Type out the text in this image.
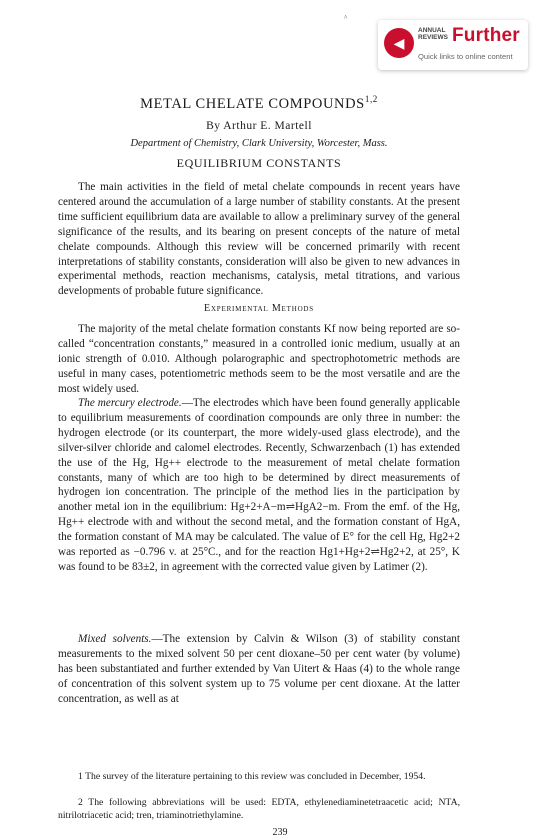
^
◀
ANNUAL
REVIEWS Further
Quick links to online content
METAL CHELATE COMPOUNDS$^{1,2}$
By Arthur E. Martell
Department of Chemistry, Clark University, Worcester, Mass.
EQUILIBRIUM CONSTANTS

The main activities in the field of metal chelate compounds in recent years have centered around the accumulation of a large number of stability constants. At the present time sufficient equilibrium data are available to allow a preliminary survey of the general significance of the results, and its bearing on present concepts of the nature of metal chelate compounds. Although this review will be concerned primarily with recent interpretations of stability constants, consideration will also be given to new advances in experimental methods, reaction mechanisms, catalysis, metal titrations, and various developments of probable future significance.

Experimental Methods

The majority of the metal chelate formation constants Kf now being reported are so-called “concentration constants,” measured in a controlled ionic medium, usually at an ionic strength of 0.010. Although polarographic and spectrophotometric methods are useful in many cases, potentiometric methods seem to be the most versatile and are the most widely used.

The mercury electrode.—The electrodes which have been found generally applicable to equilibrium measurements of coordination compounds are only three in number: the hydrogen electrode (or its counterpart, the more widely-used glass electrode), and the silver-silver chloride and calomel electrodes. Recently, Schwarzenbach (1) has extended the use of the Hg, Hg++ electrode to the measurement of metal chelate formation constants, many of which are too high to be determined by direct measurements of hydrogen ion concentration. The principle of the method lies in the participation by another metal ion in the equilibrium: Hg+2+A−m⇌HgA2−m. From the emf. of the Hg, Hg++ electrode with and without the second metal, and the formation constant of HgA, the formation constant of MA may be calculated. The value of E° for the cell Hg, Hg2+2 was reported as −0.796 v. at 25°C., and for the reaction Hg1+Hg+2⇌Hg2+2, at 25°, K was found to be 83±2, in agreement with the corrected value given by Latimer (2).

Mixed solvents.—The extension by Calvin & Wilson (3) of stability constant measurements to the mixed solvent 50 per cent dioxane–50 per cent water (by volume) has been substantiated and further extended by Van Uitert & Haas (4) to the whole range of concentration of this solvent system up to 75 volume per cent dioxane. At the latter concentration, as well as at

1 The survey of the literature pertaining to this review was concluded in December, 1954.

2 The following abbreviations will be used: EDTA, ethylenediaminetetraacetic acid; NTA, nitrilotriacetic acid; tren, triaminotriethylamine.

239
